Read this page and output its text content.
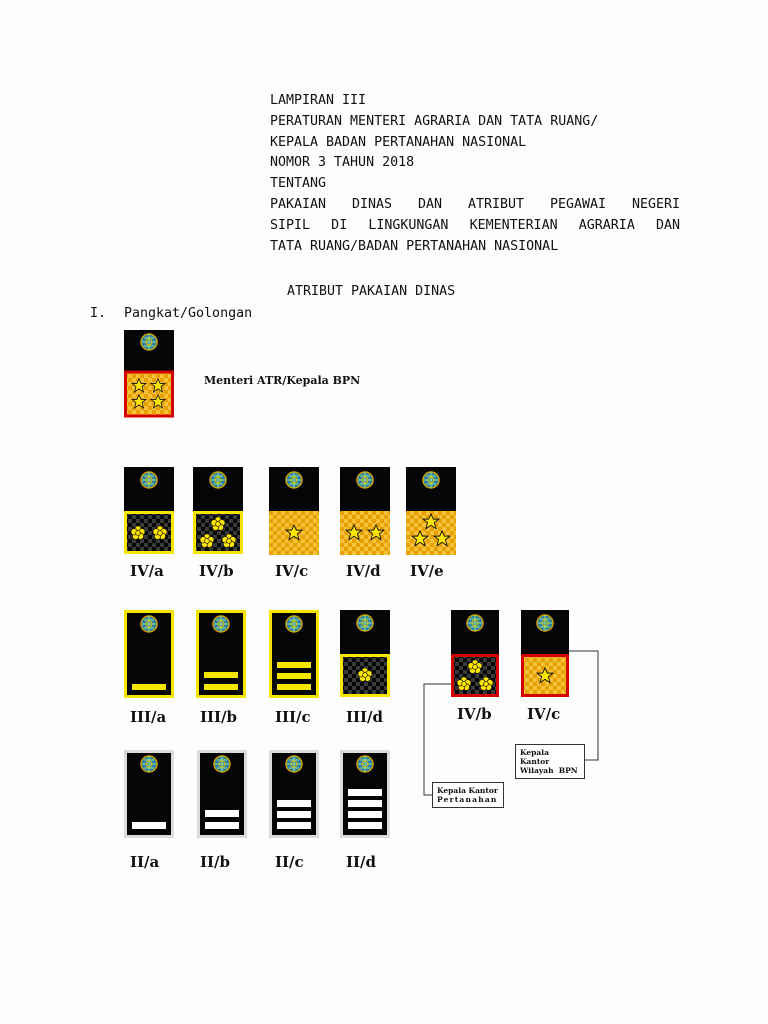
LAMPIRAN III
PERATURAN MENTERI AGRARIA DAN TATA RUANG/
KEPALA BADAN PERTANAHAN NASIONAL
NOMOR 3 TAHUN 2018
TENTANG
PAKAIAN DINAS DAN ATRIBUT PEGAWAI NEGERI
SIPIL DI LINGKUNGAN KEMENTERIAN AGRARIA DAN
TATA RUANG/BADAN PERTANAHAN NASIONAL
ATRIBUT PAKAIAN DINAS
I. Pangkat/Golongan
Menteri ATR/Kepala BPN
IV/a IV/b	IV/c	IV/d IV/e
III/a III/b	III/c III/d	IV/b IV/c
Kepala Kantor
Wilayah  BPN
Kepala Kantor
Pertanahan
II/a	II/b	II/c	II/d
